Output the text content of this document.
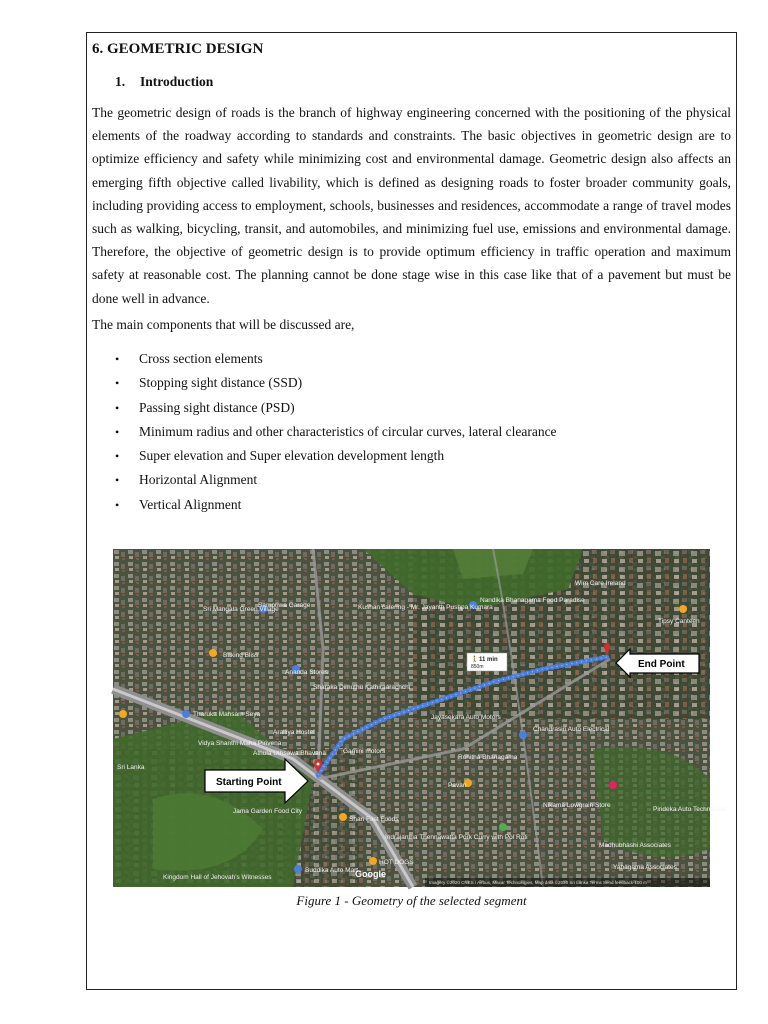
6. GEOMETRIC DESIGN
1. Introduction

The geometric design of roads is the branch of highway engineering concerned with the positioning of the physical elements of the roadway according to standards and constraints. The basic objectives in geometric design are to optimize efficiency and safety while minimizing cost and environmental damage. Geometric design also affects an emerging fifth objective called livability, which is defined as designing roads to foster broader community goals, including providing access to employment, schools, businesses and residences, accommodate a range of travel modes such as walking, bicycling, transit, and automobiles, and minimizing fuel use, emissions and environmental damage. Therefore, the objective of geometric design is to provide optimum efficiency in traffic operation and maximum safety at reasonable cost. The planning cannot be done stage wise in this case like that of a pavement but must be done well in advance.

The main components that will be discussed are,

• Cross section elements
• Stopping sight distance (SSD)
• Passing sight distance (PSD)
• Minimum radius and other characteristics of circular curves, lateral clearance
• Super elevation and Super elevation development length
• Horizontal Alignment
• Vertical Alignment
🚶 11 min
850m
Sri Mangala Green Village
Sampriwa Garage	Kushan catering - Mr. Jayanth Pushpa Kumara
Nandika Bhanagama Food Paradise
Wim Care Ireland
Tipsy Canteen
Baking Bliss
Ananda Stores
Sharaka Dimuthu Kathiraarachchi
Jayasekara Auto Motors
Chandrasiri Auto Electrical
Tharuka Mahsam Seya
Vidya Shanthi Maha Pirivena
Aralliya Hostel
Athula Uthsawa Bhavana	Gamini motors
Rohitha Bhanagama
Sri Lanka
Jama Garden Food City
Pavan
Shan Fast Foods
Indrajantha Thennawatta Pork Curry with Pol Roti
HOT DOGS
Buddika Auto Mart
Nikama Lowgrain Store
Pirideka Auto Techniques
Madhubhashi Associates
Kingdom Hall of Jehovah's Witnesses
Yahagama Associates
End Point
Starting Point
Google
Imagery ©2020 CNES / Airbus, Maxar Technologies, Map data ©2020 Sri Lanka Terms Send feedback 100 m

Figure 1 - Geometry of the selected segment
